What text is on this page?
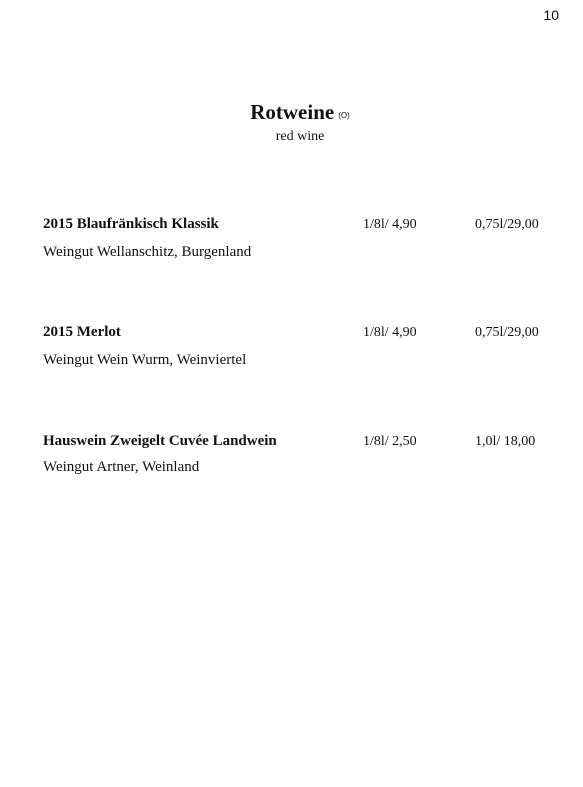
10
Rotweine (O)
red wine
2015 Blaufränkisch Klassik	1/8l/ 4,90	0,75l/29,00
Weingut Wellanschitz, Burgenland
2015 Merlot	1/8l/ 4,90	0,75l/29,00
Weingut Wein Wurm, Weinviertel
Hauswein Zweigelt Cuvée Landwein	1/8l/ 2,50	1,0l/ 18,00
Weingut Artner, Weinland
